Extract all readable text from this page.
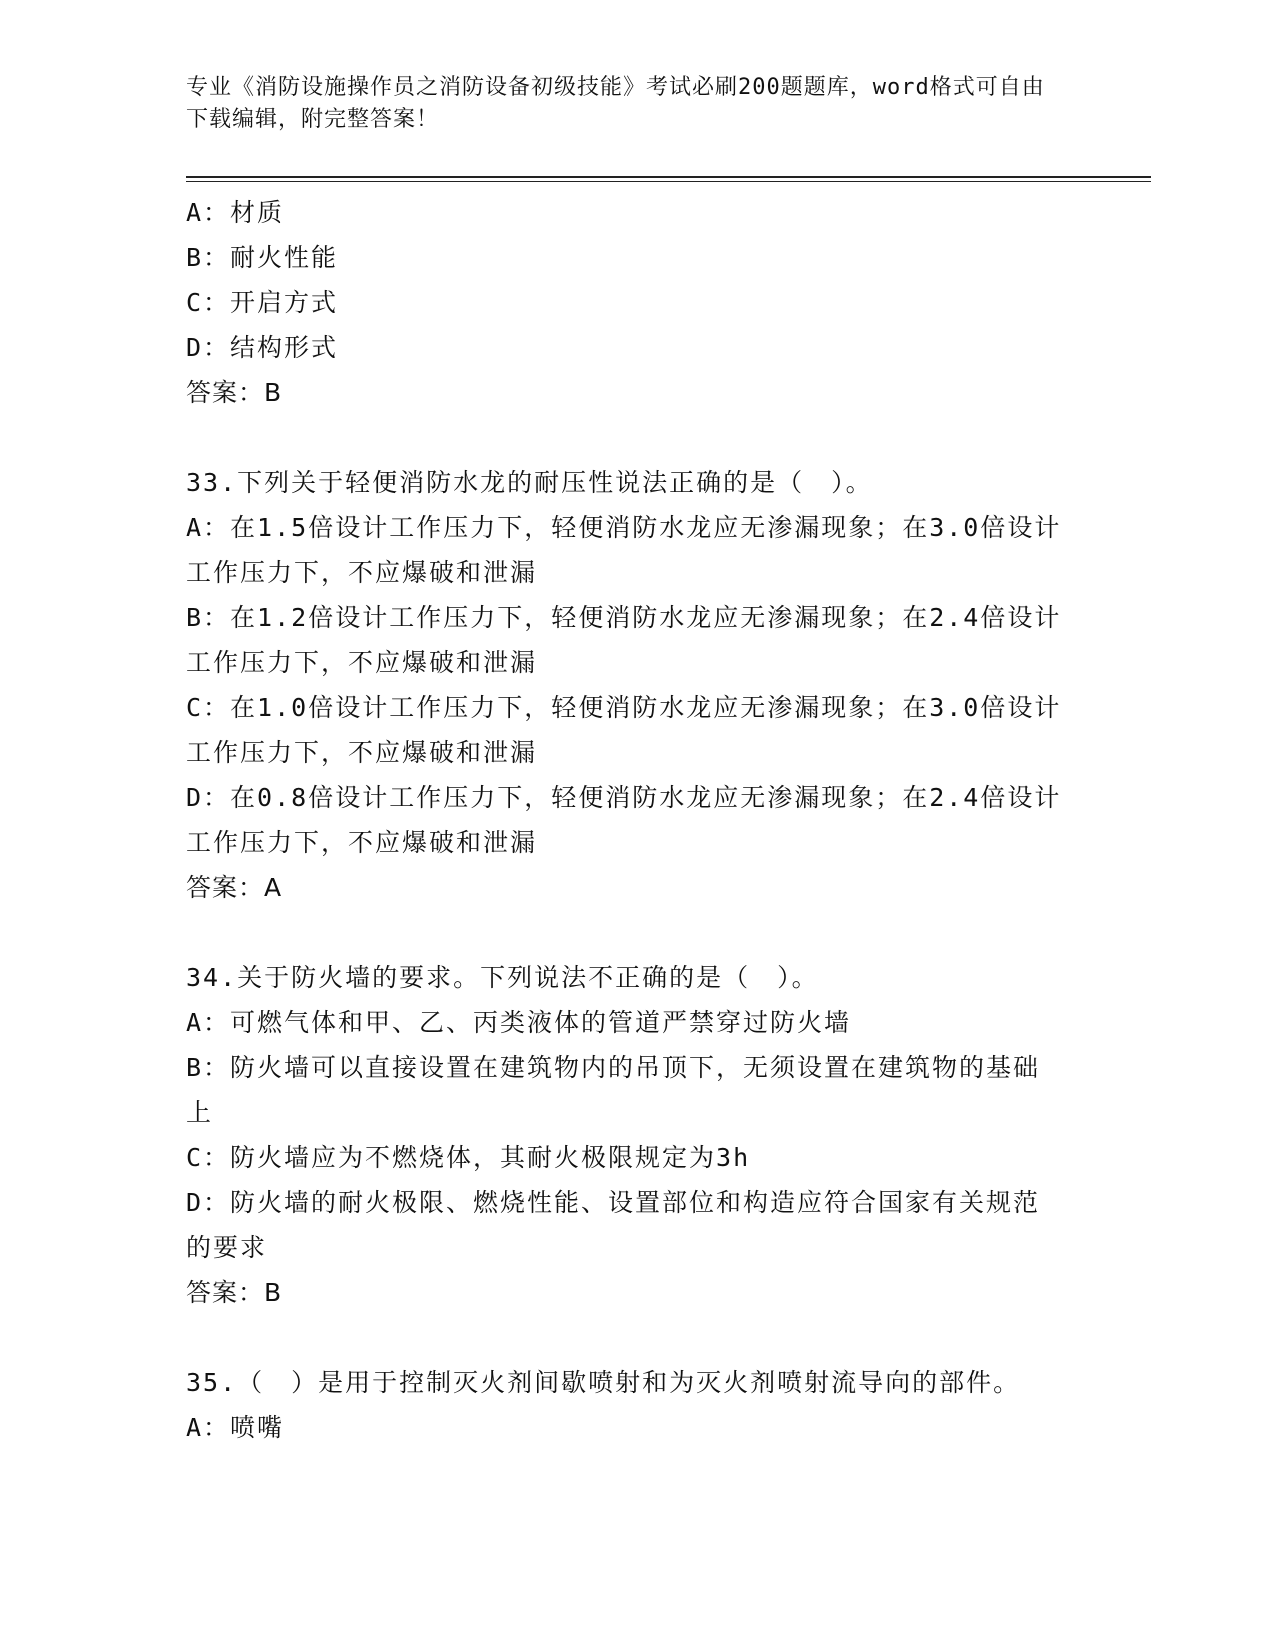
专业《消防设施操作员之消防设备初级技能》考试必刷200题题库，word格式可自由下载编辑，附完整答案！
A：材质
B：耐火性能
C：开启方式
D：结构形式
答案：B
33.下列关于轻便消防水龙的耐压性说法正确的是（　）。
A：在1.5倍设计工作压力下，轻便消防水龙应无渗漏现象；在3.0倍设计工作压力下，不应爆破和泄漏
B：在1.2倍设计工作压力下，轻便消防水龙应无渗漏现象；在2.4倍设计工作压力下，不应爆破和泄漏
C：在1.0倍设计工作压力下，轻便消防水龙应无渗漏现象；在3.0倍设计工作压力下，不应爆破和泄漏
D：在0.8倍设计工作压力下，轻便消防水龙应无渗漏现象；在2.4倍设计工作压力下，不应爆破和泄漏
答案：A
34.关于防火墙的要求。下列说法不正确的是（　）。
A：可燃气体和甲、乙、丙类液体的管道严禁穿过防火墙
B：防火墙可以直接设置在建筑物内的吊顶下，无须设置在建筑物的基础上
C：防火墙应为不燃烧体，其耐火极限规定为3h
D：防火墙的耐火极限、燃烧性能、设置部位和构造应符合国家有关规范的要求
答案：B
35.（　）是用于控制灭火剂间歇喷射和为灭火剂喷射流导向的部件。
A：喷嘴
